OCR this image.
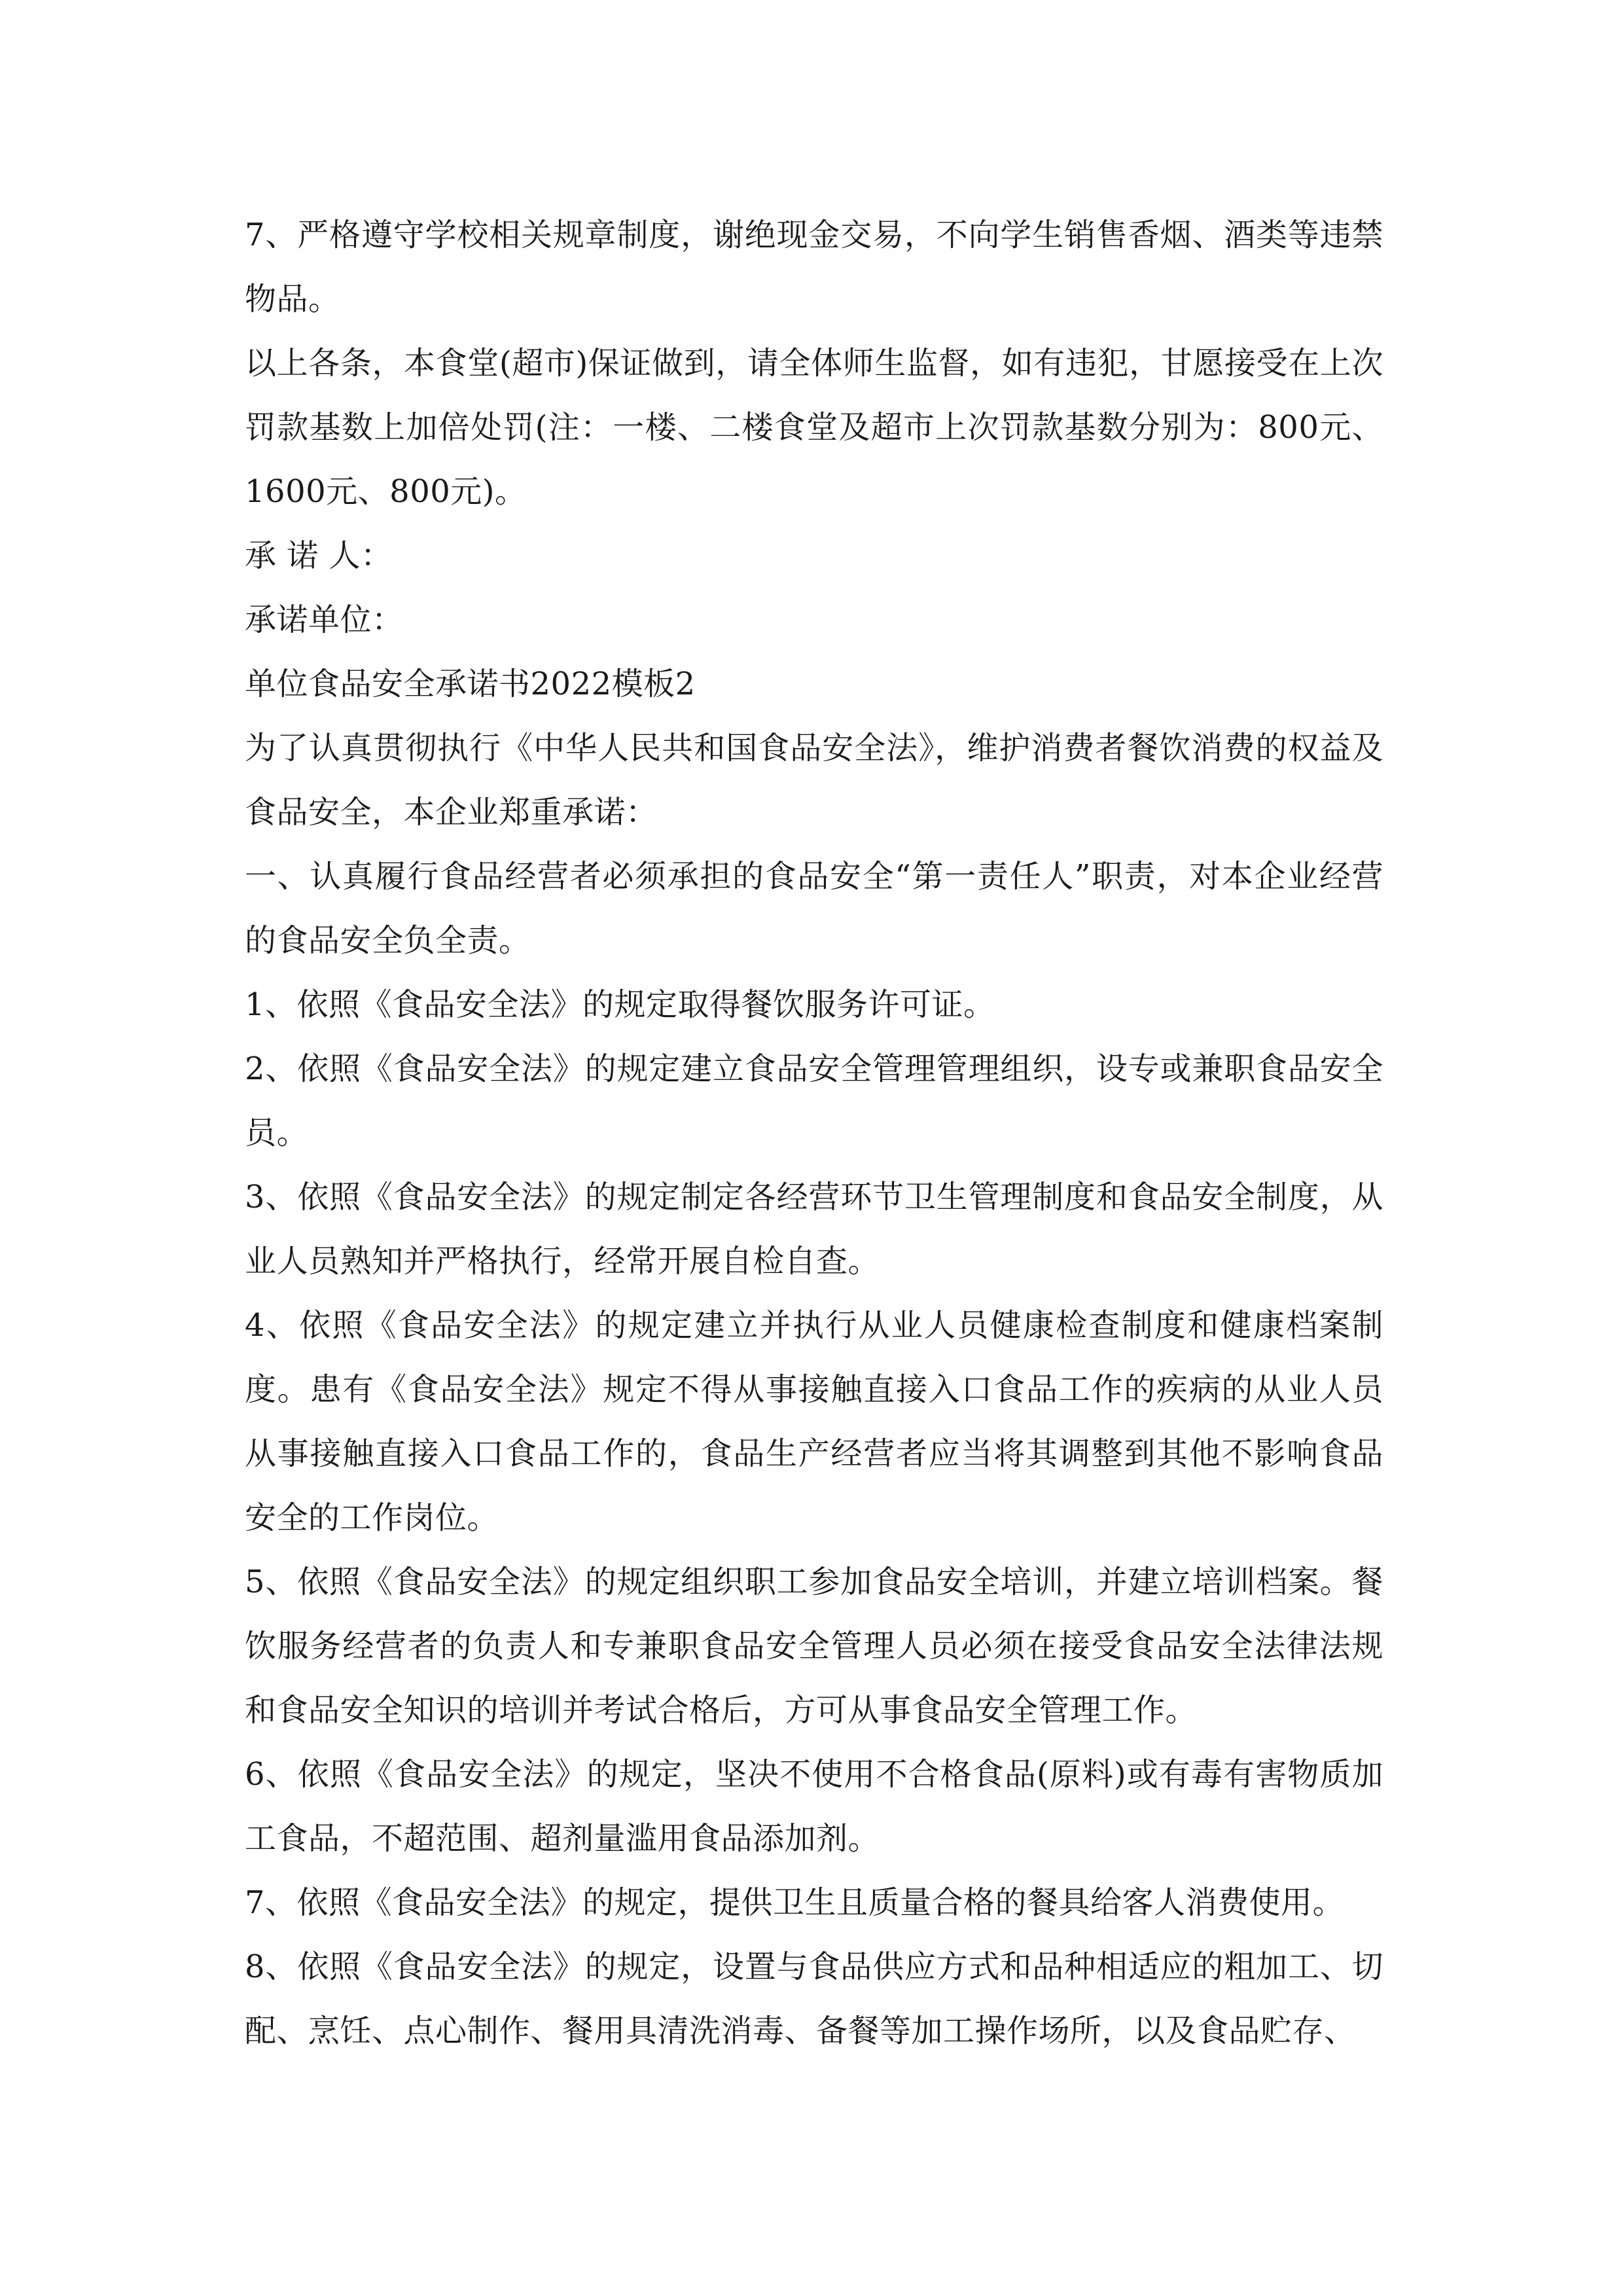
7、严格遵守学校相关规章制度，谢绝现金交易，不向学生销售香烟、酒类等违禁物品。

以上各条，本食堂(超市)保证做到，请全体师生监督，如有违犯，甘愿接受在上次罚款基数上加倍处罚(注：一楼、二楼食堂及超市上次罚款基数分别为：800元、1600元、800元)。

承 诺 人：

承诺单位：

单位食品安全承诺书2022模板2

为了认真贯彻执行《中华人民共和国食品安全法》，维护消费者餐饮消费的权益及食品安全，本企业郑重承诺：

一、认真履行食品经营者必须承担的食品安全“第一责任人”职责，对本企业经营的食品安全负全责。

1、依照《食品安全法》的规定取得餐饮服务许可证。

2、依照《食品安全法》的规定建立食品安全管理管理组织，设专或兼职食品安全员。

3、依照《食品安全法》的规定制定各经营环节卫生管理制度和食品安全制度，从业人员熟知并严格执行，经常开展自检自查。

4、依照《食品安全法》的规定建立并执行从业人员健康检查制度和健康档案制度。患有《食品安全法》规定不得从事接触直接入口食品工作的疾病的从业人员从事接触直接入口食品工作的，食品生产经营者应当将其调整到其他不影响食品安全的工作岗位。

5、依照《食品安全法》的规定组织职工参加食品安全培训，并建立培训档案。餐饮服务经营者的负责人和专兼职食品安全管理人员必须在接受食品安全法律法规和食品安全知识的培训并考试合格后，方可从事食品安全管理工作。

6、依照《食品安全法》的规定，坚决不使用不合格食品(原料)或有毒有害物质加工食品，不超范围、超剂量滥用食品添加剂。

7、依照《食品安全法》的规定，提供卫生且质量合格的餐具给客人消费使用。

8、依照《食品安全法》的规定，设置与食品供应方式和品种相适应的粗加工、切配、烹饪、点心制作、餐用具清洗消毒、备餐等加工操作场所，以及食品贮存、
